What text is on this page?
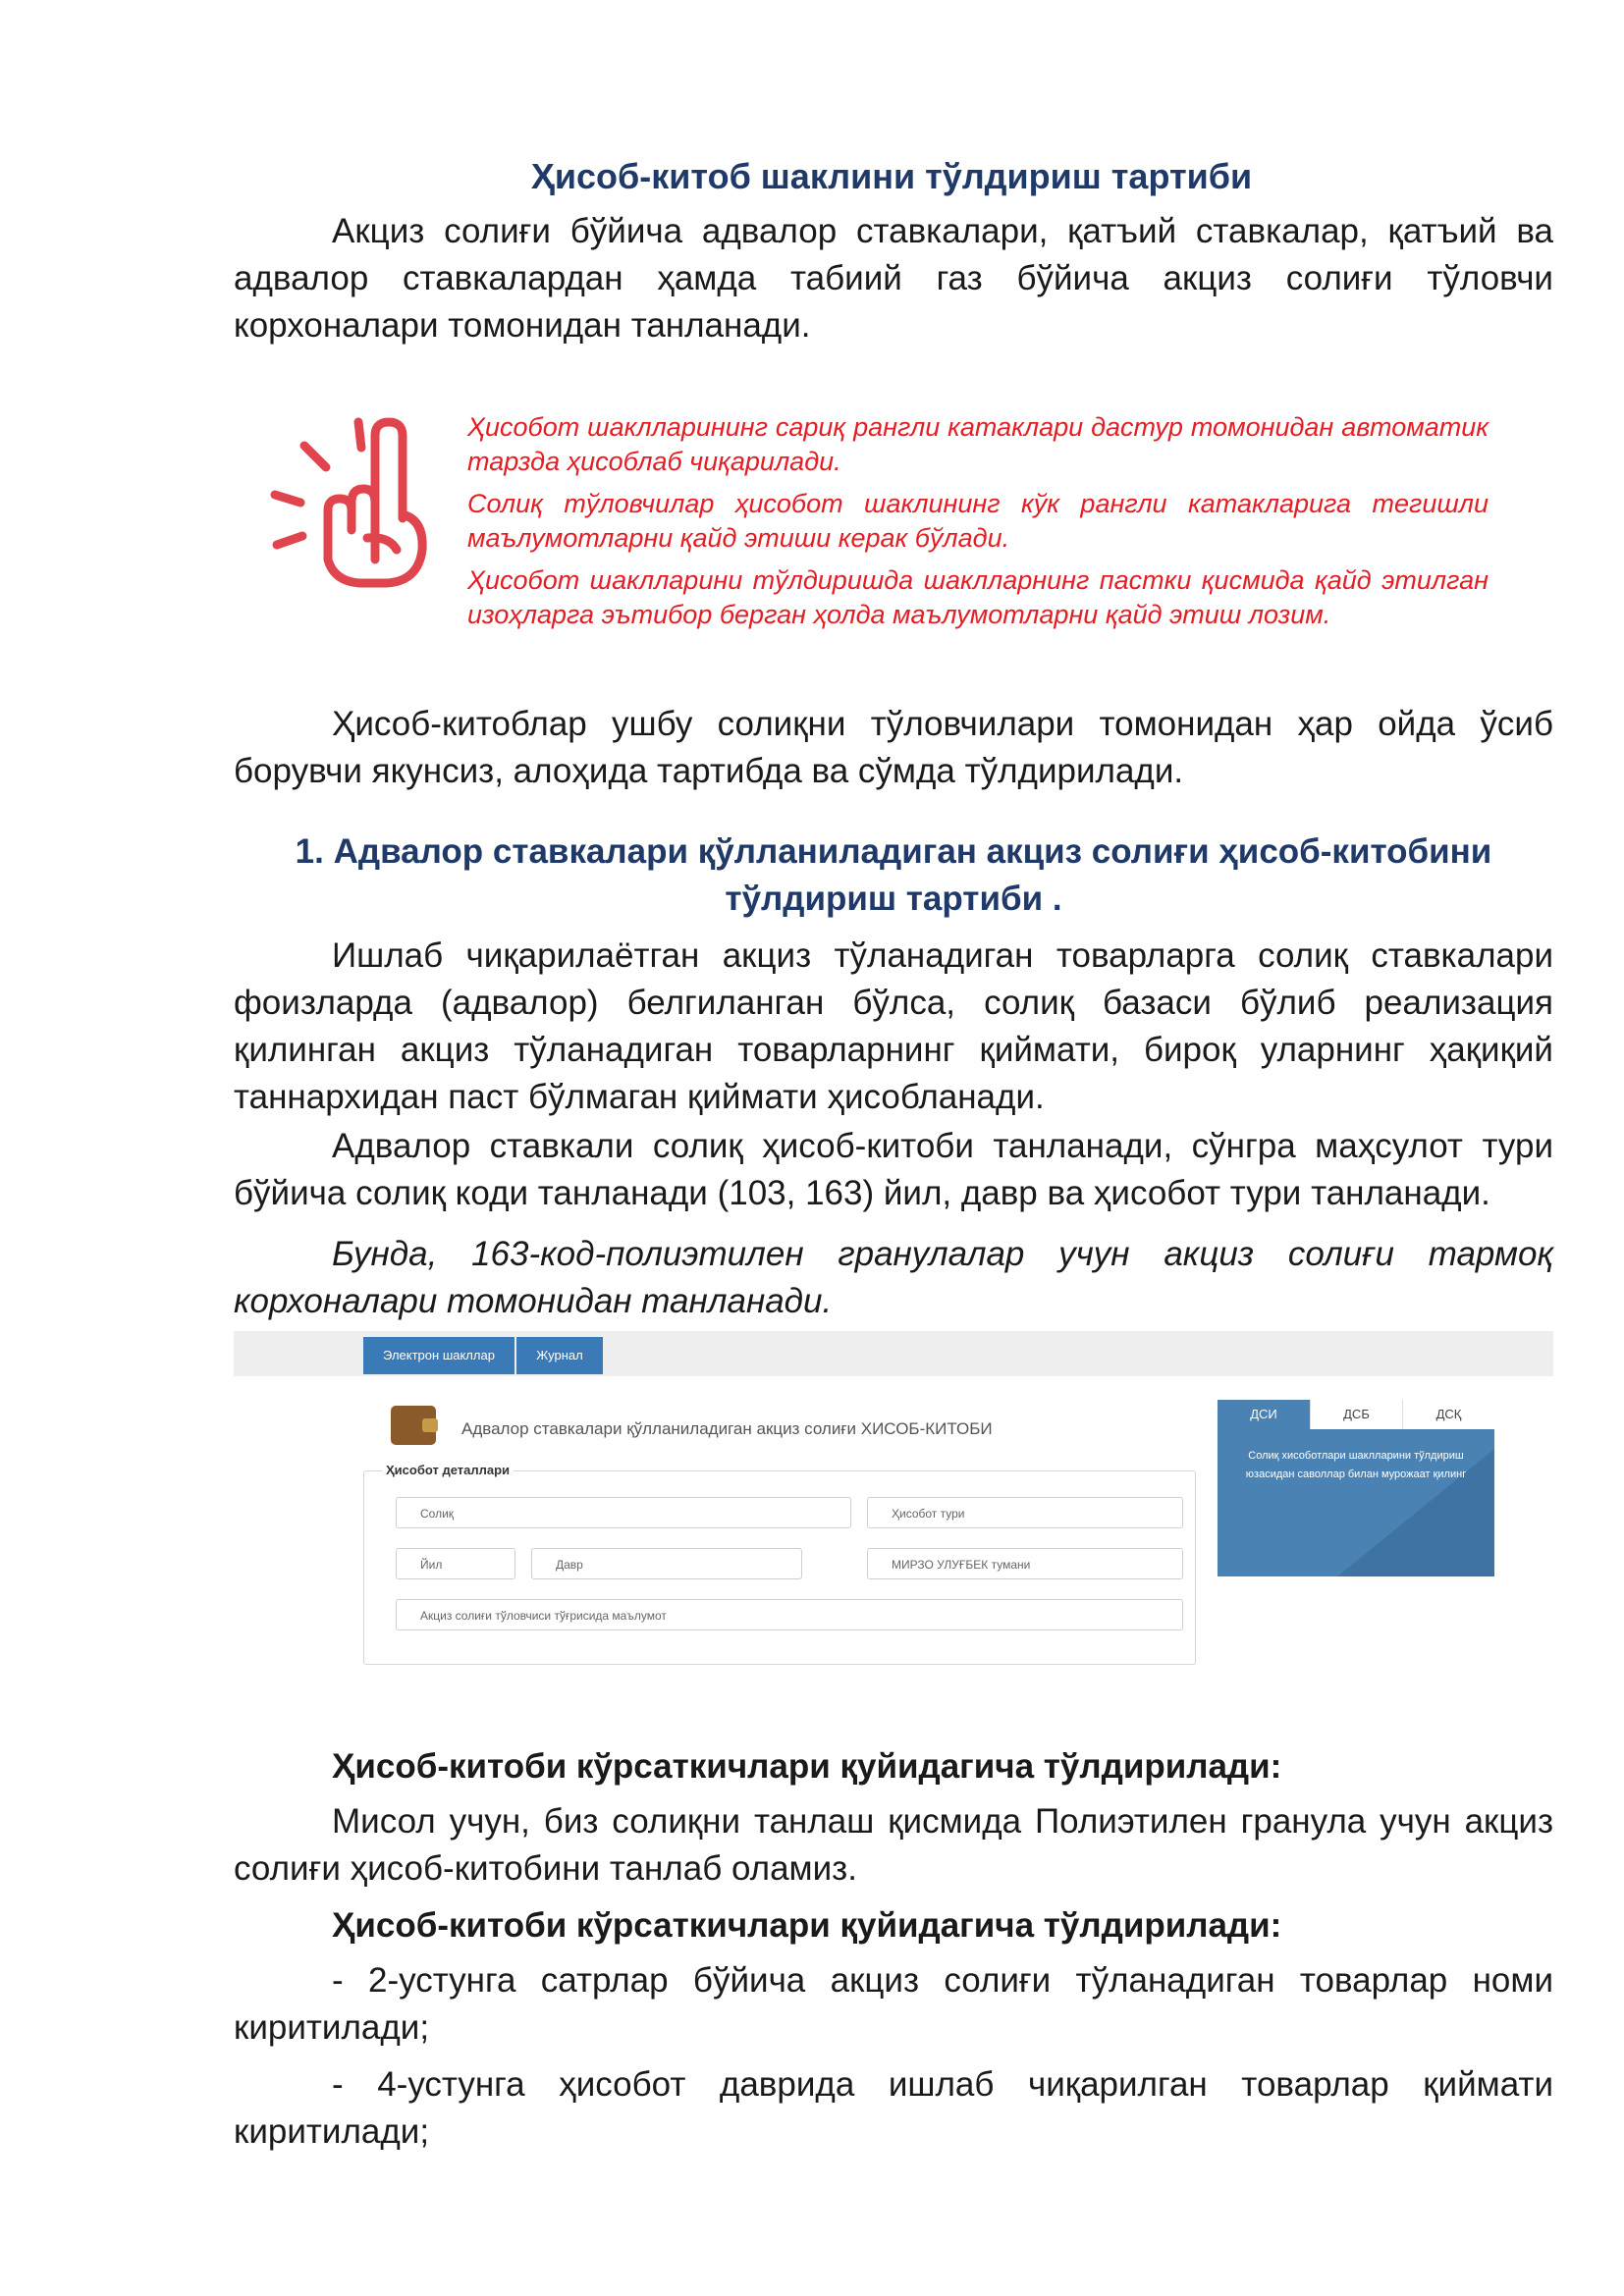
Ҳисоб-китоб шаклини тўлдириш тартиби
Акциз солиғи бўйича адвалор ставкалари, қатъий ставкалар, қатъий ва адвалор ставкалардан ҳамда табиий газ бўйича акциз солиғи тўловчи корхоналари томонидан танланади.
Ҳисобот шаклларининг сариқ рангли катаклари дастур томонидан автоматик тарзда ҳисоблаб чиқарилади.
Солиқ тўловчилар ҳисобот шаклининг кўк рангли катакларига тегишли маълумотларни қайд этиши керак бўлади.
Ҳисобот шаклларини тўлдиришда шаклларнинг пастки қисмида қайд этилган изоҳларга эътибор берган ҳолда маълумотларни қайд этиш лозим.
Ҳисоб-китоблар ушбу солиқни тўловчилари томонидан ҳар ойда ўсиб борувчи якунсиз, алоҳида тартибда ва сўмда тўлдирилади.
1. Адвалор ставкалари қўлланиладиган акциз солиғи ҳисоб-китобини
тўлдириш тартиби .
Ишлаб чиқарилаётган акциз тўланадиган товарларга солиқ ставкалари фоизларда (адвалор) белгиланган бўлса, солиқ базаси бўлиб реализация қилинган акциз тўланадиган товарларнинг қиймати, бироқ уларнинг ҳақиқий таннархидан паст бўлмаган қиймати ҳисобланади.
Адвалор ставкали солиқ ҳисоб-китоби танланади, сўнгра маҳсулот тури бўйича солиқ коди танланади (103, 163) йил, давр ва ҳисобот тури танланади.
Бунда, 163-код-полиэтилен гранулалар учун акциз солиғи тармоқ корхоналари томонидан танланади.
Электрон шакллар	Журнал
Адвалор ставкалари қўлланиладиган акциз солиғи ХИСОБ-КИТОБИ
Ҳисобот деталлари
Солиқ	Ҳисобот тури
Йил	Давр	МИРЗО УЛУҒБЕК тумани
Акциз солиғи тўловчиси тўғрисида маълумот
ДСИ	ДСБ	ДСҚ
Солиқ хисоботлари шаклларини тўлдириш юзасидан саволлар билан мурожаат қилинг
Ҳисоб-китоби кўрсаткичлари қуйидагича тўлдирилади:
Мисол учун, биз солиқни танлаш қисмида Полиэтилен гранула учун акциз солиғи ҳисоб-китобини танлаб оламиз.
Ҳисоб-китоби кўрсаткичлари қуйидагича тўлдирилади:
- 2-устунга сатрлар бўйича акциз солиғи тўланадиган товарлар номи киритилади;
- 4-устунга ҳисобот даврида ишлаб чиқарилган товарлар қиймати киритилади;
